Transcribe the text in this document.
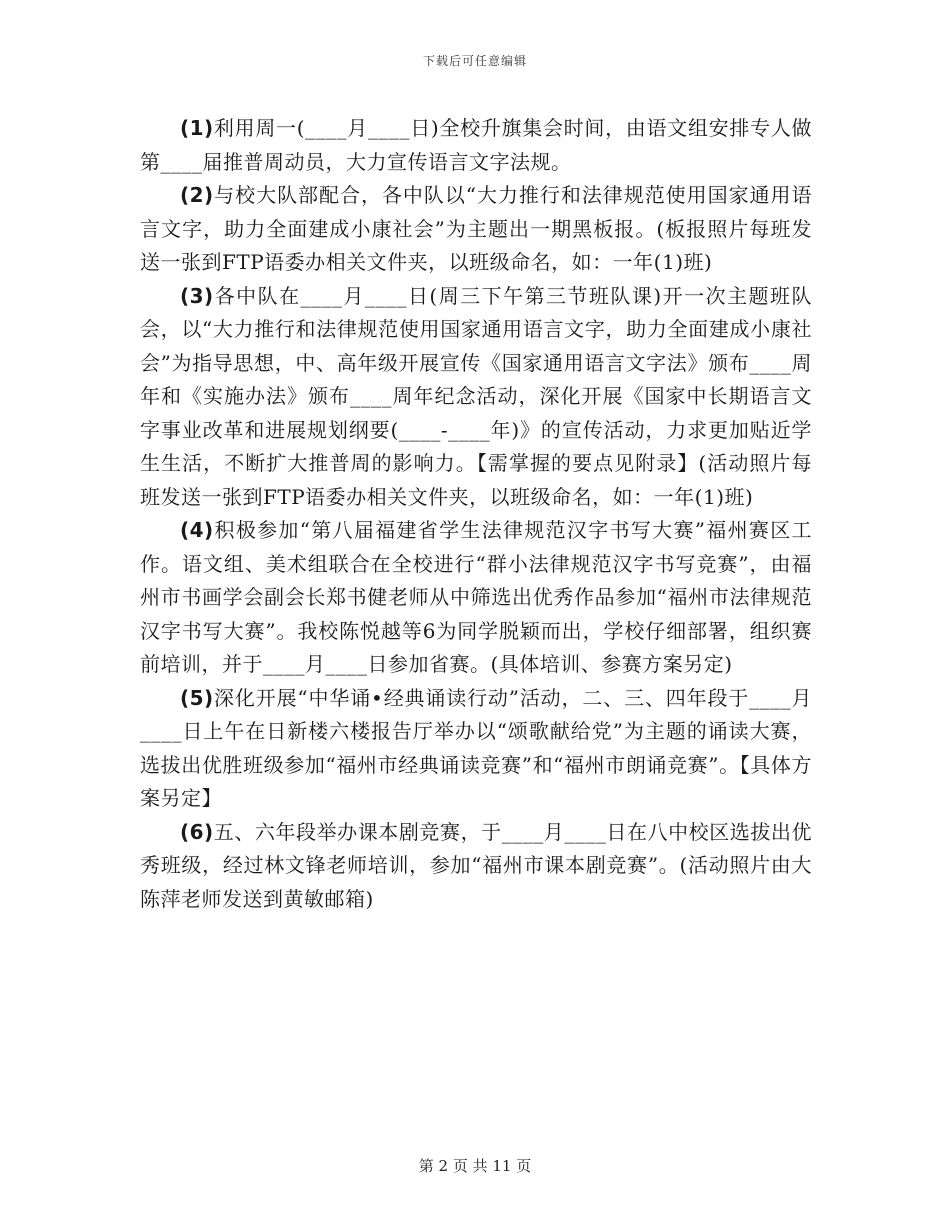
下载后可任意编辑

(1)利用周一(____月____日)全校升旗集会时间，由语文组安排专人做第____届推普周动员，大力宣传语言文字法规。

(2)与校大队部配合，各中队以“大力推行和法律规范使用国家通用语言文字，助力全面建成小康社会”为主题出一期黑板报。(板报照片每班发送一张到FTP语委办相关文件夹，以班级命名，如：一年(1)班)

(3)各中队在____月____日(周三下午第三节班队课)开一次主题班队会，以“大力推行和法律规范使用国家通用语言文字，助力全面建成小康社会”为指导思想，中、高年级开展宣传《国家通用语言文字法》颁布____周年和《实施办法》颁布____周年纪念活动，深化开展《国家中长期语言文字事业改革和进展规划纲要(____-____年)》的宣传活动，力求更加贴近学生生活，不断扩大推普周的影响力。【需掌握的要点见附录】(活动照片每班发送一张到FTP语委办相关文件夹，以班级命名，如：一年(1)班)

(4)积极参加“第八届福建省学生法律规范汉字书写大赛”福州赛区工作。语文组、美术组联合在全校进行“群小法律规范汉字书写竞赛”，由福州市书画学会副会长郑书健老师从中筛选出优秀作品参加“福州市法律规范汉字书写大赛”。我校陈悦越等6为同学脱颖而出，学校仔细部署，组织赛前培训，并于____月____日参加省赛。(具体培训、参赛方案另定)

(5)深化开展“中华诵•经典诵读行动”活动，二、三、四年段于____月____日上午在日新楼六楼报告厅举办以“颂歌献给党”为主题的诵读大赛，选拔出优胜班级参加“福州市经典诵读竞赛”和“福州市朗诵竞赛”。【具体方案另定】

(6)五、六年段举办课本剧竞赛，于____月____日在八中校区选拔出优秀班级，经过林文锋老师培训，参加“福州市课本剧竞赛”。(活动照片由大陈萍老师发送到黄敏邮箱)

第 2 页 共 11 页
